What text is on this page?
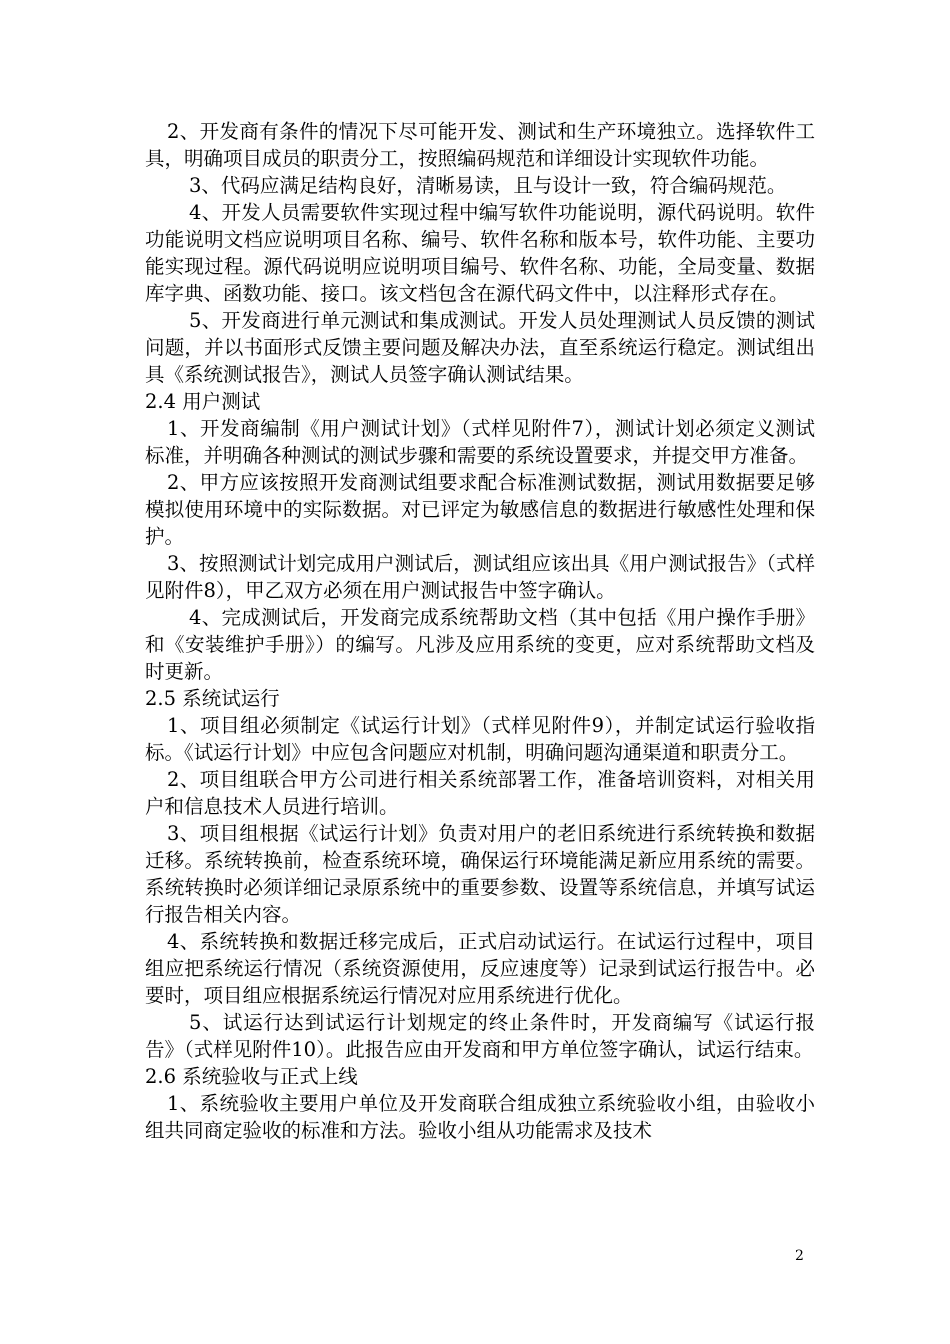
2、开发商有条件的情况下尽可能开发、测试和生产环境独立。选择软件工具，明确项目成员的职责分工，按照编码规范和详细设计实现软件功能。

3、代码应满足结构良好，清晰易读，且与设计一致，符合编码规范。

4、开发人员需要软件实现过程中编写软件功能说明，源代码说明。软件功能说明文档应说明项目名称、编号、软件名称和版本号，软件功能、主要功能实现过程。源代码说明应说明项目编号、软件名称、功能，全局变量、数据库字典、函数功能、接口。该文档包含在源代码文件中，以注释形式存在。

5、开发商进行单元测试和集成测试。开发人员处理测试人员反馈的测试问题，并以书面形式反馈主要问题及解决办法，直至系统运行稳定。测试组出具《系统测试报告》，测试人员签字确认测试结果。

2.4 用户测试

1、开发商编制《用户测试计划》（式样见附件7），测试计划必须定义测试标准，并明确各种测试的测试步骤和需要的系统设置要求，并提交甲方准备。

2、甲方应该按照开发商测试组要求配合标准测试数据，测试用数据要足够模拟使用环境中的实际数据。对已评定为敏感信息的数据进行敏感性处理和保护。

3、按照测试计划完成用户测试后，测试组应该出具《用户测试报告》（式样见附件8），甲乙双方必须在用户测试报告中签字确认。

4、完成测试后，开发商完成系统帮助文档（其中包括《用户操作手册》和《安装维护手册》）的编写。凡涉及应用系统的变更，应对系统帮助文档及时更新。

2.5 系统试运行

1、项目组必须制定《试运行计划》（式样见附件9），并制定试运行验收指标。《试运行计划》中应包含问题应对机制，明确问题沟通渠道和职责分工。

2、项目组联合甲方公司进行相关系统部署工作，准备培训资料，对相关用户和信息技术人员进行培训。

3、项目组根据《试运行计划》负责对用户的老旧系统进行系统转换和数据迁移。系统转换前，检查系统环境，确保运行环境能满足新应用系统的需要。系统转换时必须详细记录原系统中的重要参数、设置等系统信息，并填写试运行报告相关内容。

4、系统转换和数据迁移完成后，正式启动试运行。在试运行过程中，项目组应把系统运行情况（系统资源使用，反应速度等）记录到试运行报告中。必要时，项目组应根据系统运行情况对应用系统进行优化。

5、试运行达到试运行计划规定的终止条件时，开发商编写《试运行报告》（式样见附件10）。此报告应由开发商和甲方单位签字确认，试运行结束。

2.6 系统验收与正式上线

1、系统验收主要用户单位及开发商联合组成独立系统验收小组，由验收小组共同商定验收的标准和方法。验收小组从功能需求及技术

2
